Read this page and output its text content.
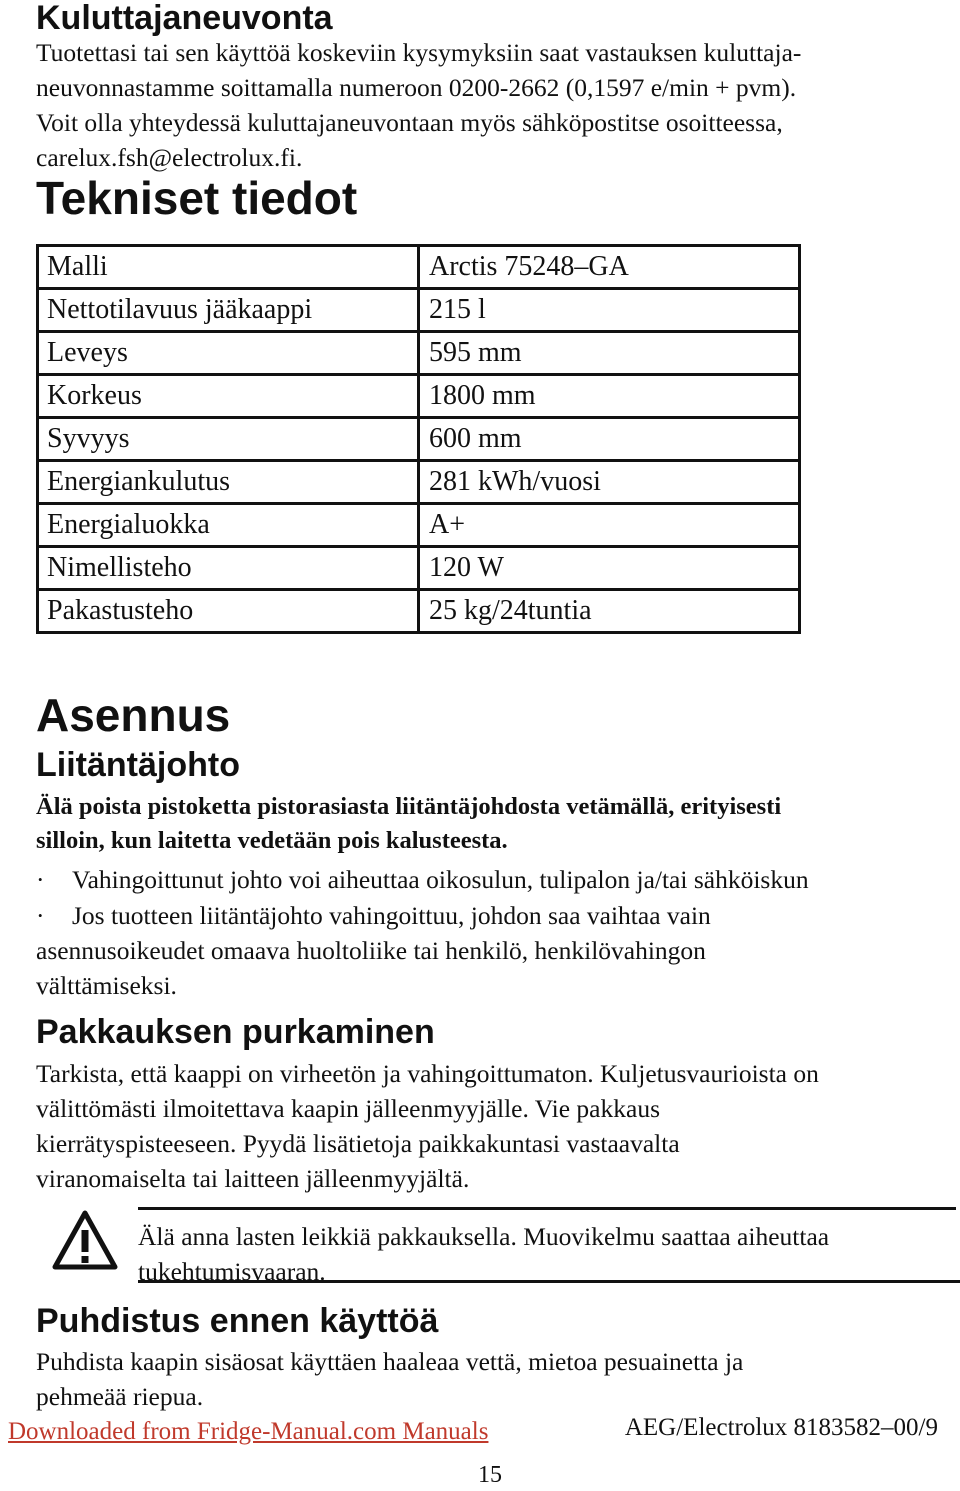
Kuluttajaneuvonta
Tuotettasi tai sen käyttöä koskeviin kysymyksiin saat vastauksen kuluttaja-
neuvonnastamme soittamalla numeroon 0200-2662 (0,1597 e/min + pvm).
Voit olla yhteydessä kuluttajaneuvontaan myös sähköpostitse osoitteessa,
carelux.fsh@electrolux.fi.
Tekniset tiedot
Malli	Arctis 75248–GA
Nettotilavuus jääkaappi	215 l
Leveys	595 mm
Korkeus	1800 mm
Syvyys	600 mm
Energiankulutus	281 kWh/vuosi
Energialuokka	A+
Nimellisteho	120 W
Pakastusteho	25 kg/24tuntia
Asennus
Liitäntäjohto
Älä poista pistoketta pistorasiasta liitäntäjohdosta vetämällä, erityisesti
silloin, kun laitetta vedetään pois kalusteesta.
· Vahingoittunut johto voi aiheuttaa oikosulun, tulipalon ja/tai sähköiskun
· Jos tuotteen liitäntäjohto vahingoittuu, johdon saa vaihtaa vain
asennusoikeudet omaava huoltoliike tai henkilö, henkilövahingon
välttämiseksi.
Pakkauksen purkaminen
Tarkista, että kaappi on virheetön ja vahingoittumaton. Kuljetusvaurioista on
välittömästi ilmoitettava kaapin jälleenmyyjälle. Vie pakkaus
kierrätyspisteeseen. Pyydä lisätietoja paikkakuntasi vastaavalta
viranomaiselta tai laitteen jälleenmyyjältä.
Älä anna lasten leikkiä pakkauksella. Muovikelmu saattaa aiheuttaa
tukehtumisvaaran.
Puhdistus ennen käyttöä
Puhdista kaapin sisäosat käyttäen haaleaa vettä, mietoa pesuainetta ja
pehmeää riepua.
Downloaded from Fridge-Manual.com Manuals	AEG/Electrolux 8183582–00/9
15
